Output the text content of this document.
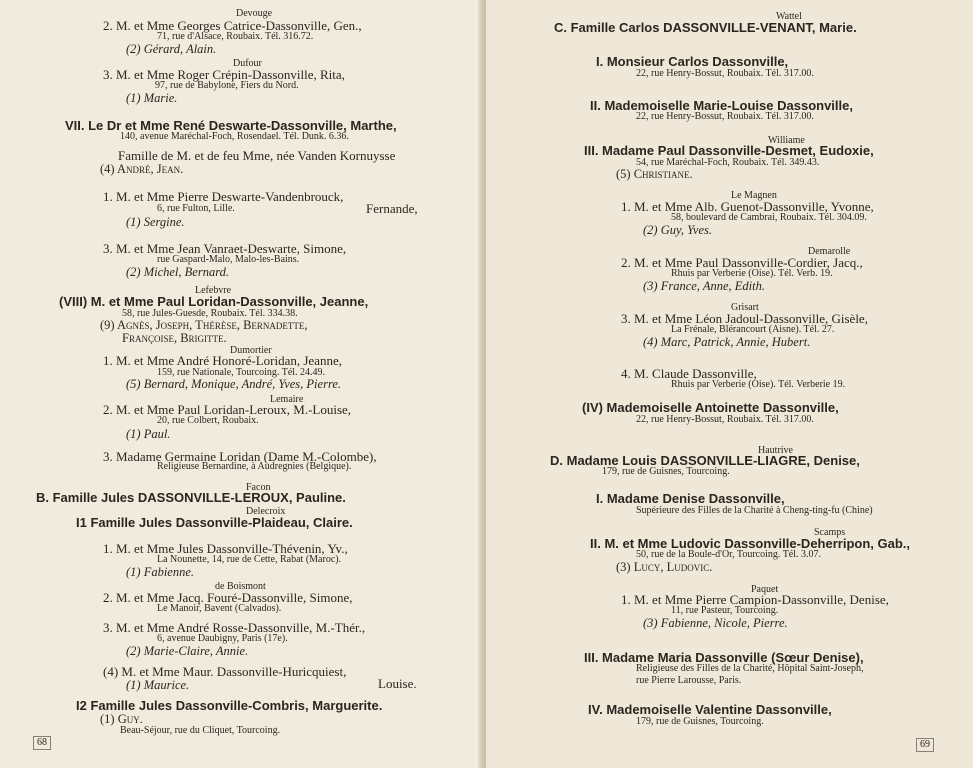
Devouge
2. M. et Mme Georges Catrice-Dassonville, Gen.,
71, rue d'Alsace, Roubaix. Tél. 316.72.
(2) Gérard, Alain.
Dufour
3. M. et Mme Roger Crépin-Dassonville, Rita,
97, rue de Babylone, Fiers du Nord.
(1) Marie.
VII. Le Dr et Mme René Deswarte-Dassonville, Marthe,
140, avenue Maréchal-Foch, Rosendael. Tél. Dunk. 6.36.
Famille de M. et de feu Mme, née Vanden Kornuysse
(4) André, Jean.
1. M. et Mme Pierre Deswarte-Vandenbrouck,
6, rue Fulton, Lille.	Fernande,
(1) Sergine.
3. M. et Mme Jean Vanraet-Deswarte, Simone,
rue Gaspard-Malo, Malo-les-Bains.
(2) Michel, Bernard.
Lefebvre
(VIII) M. et Mme Paul Loridan-Dassonville, Jeanne,
58, rue Jules-Guesde, Roubaix. Tél. 334.38.
(9) Agnès, Joseph, Thérèse, Bernadette,
Françoise, Brigitte.
Dumortier
1. M. et Mme André Honoré-Loridan, Jeanne,
159, rue Nationale, Tourcoing. Tél. 24.49.
(5) Bernard, Monique, André, Yves, Pierre.
Lemaire
2. M. et Mme Paul Loridan-Leroux, M.-Louise,
20, rue Colbert, Roubaix.
(1) Paul.
3. Madame Germaine Loridan (Dame M.-Colombe),
Religieuse Bernardine, à Audregnies (Belgique).
Facon
B. Famille Jules DASSONVILLE-LEROUX, Pauline.
Delecroix
I1 Famille Jules Dassonville-Plaideau, Claire.
1. M. et Mme Jules Dassonville-Thévenin, Yv.,
La Nounette, 14, rue de Cette, Rabat (Maroc).
(1) Fabienne.
de Boismont
2. M. et Mme Jacq. Fouré-Dassonville, Simone,
Le Manoir, Bavent (Calvados).
3. M. et Mme André Rosse-Dassonville, M.-Thér.,
6, avenue Daubigny, Paris (17e).
(2) Marie-Claire, Annie.
(4) M. et Mme Maur. Dassonville-Huricquiest,
Louise.
(1) Maurice.
I2 Famille Jules Dassonville-Combris, Marguerite.
(1) Guy.
Beau-Séjour, rue du Cliquet, Tourcoing.
68
Wattel
C. Famille Carlos DASSONVILLE-VENANT, Marie.
I. Monsieur Carlos Dassonville,
22, rue Henry-Bossut, Roubaix. Tél. 317.00.
II. Mademoiselle Marie-Louise Dassonville,
22, rue Henry-Bossut, Roubaix. Tél. 317.00.
Williame
III. Madame Paul Dassonville-Desmet, Eudoxie,
54, rue Maréchal-Foch, Roubaix. Tél. 349.43.
(5) Christiane.
Le Magnen
1. M. et Mme Alb. Guenot-Dassonville, Yvonne,
58, boulevard de Cambrai, Roubaix. Tél. 304.09.
(2) Guy, Yves.
Demarolle
2. M. et Mme Paul Dassonville-Cordier, Jacq.,
Rhuis par Verberie (Oise). Tél. Verb. 19.
(3) France, Anne, Edith.
Grisart
3. M. et Mme Léon Jadoul-Dassonville, Gisèle,
La Frénale, Blérancourt (Aisne). Tél. 27.
(4) Marc, Patrick, Annie, Hubert.
4. M. Claude Dassonville,
Rhuis par Verberie (Oise). Tél. Verberie 19.
(IV) Mademoiselle Antoinette Dassonville,
22, rue Henry-Bossut, Roubaix. Tél. 317.00.
Hautrive
D. Madame Louis DASSONVILLE-LIAGRE, Denise,
179, rue de Guisnes, Tourcoing.
I. Madame Denise Dassonville,
Supérieure des Filles de la Charité à Cheng-ting-fu (Chine)
Scamps
II. M. et Mme Ludovic Dassonville-Deherripon, Gab.,
50, rue de la Boule-d'Or, Tourcoing. Tél. 3.07.
(3) Lucy, Ludovic.
Paquet
1. M. et Mme Pierre Campion-Dassonville, Denise,
11, rue Pasteur, Tourcoing.
(3) Fabienne, Nicole, Pierre.
III. Madame Maria Dassonville (Sœur Denise),
Religieuse des Filles de la Charité, Hôpital Saint-Joseph,
rue Pierre Larousse, Paris.
IV. Mademoiselle Valentine Dassonville,
179, rue de Guisnes, Tourcoing.
69
